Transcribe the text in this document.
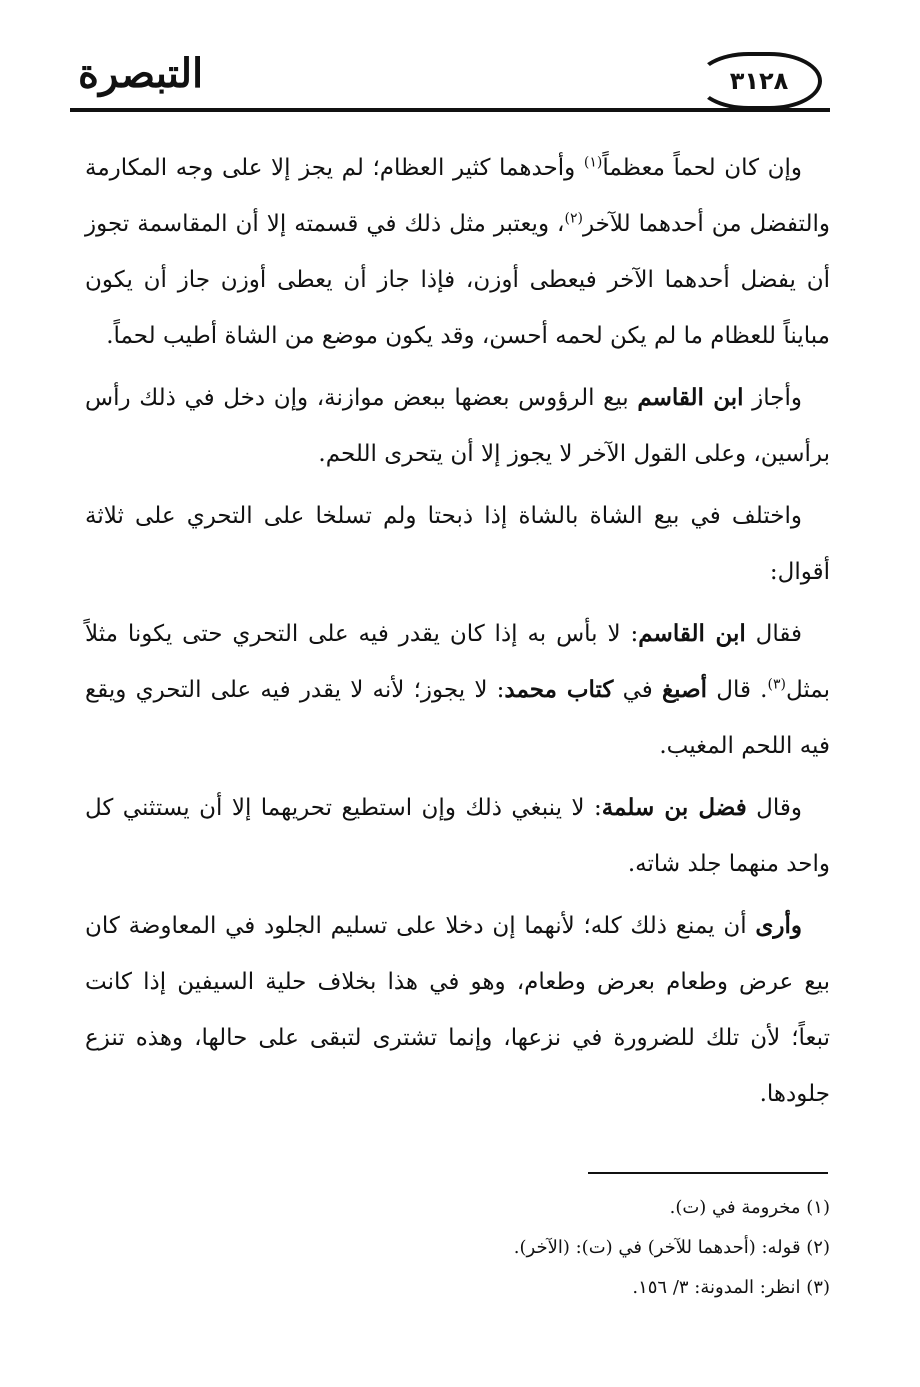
التبصرة	٣١٢٨

وإن كان لحماً معظماً$^{(١)}$ وأحدهما كثير العظام؛ لم يجز إلا على وجه المكارمة والتفضل من أحدهما للآخر$^{(٢)}$، ويعتبر مثل ذلك في قسمته إلا أن المقاسمة تجوز أن يفضل أحدهما الآخر فيعطى أوزن، فإذا جاز أن يعطى أوزن جاز أن يكون مبايناً للعظام ما لم يكن لحمه أحسن، وقد يكون موضع من الشاة أطيب لحماً.

وأجاز ابن القاسم بيع الرؤوس بعضها ببعض موازنة، وإن دخل في ذلك رأس برأسين، وعلى القول الآخر لا يجوز إلا أن يتحرى اللحم.

واختلف في بيع الشاة بالشاة إذا ذبحتا ولم تسلخا على التحري على ثلاثة أقوال:

فقال ابن القاسم: لا بأس به إذا كان يقدر فيه على التحري حتى يكونا مثلاً بمثل$^{(٣)}$. قال أصبغ في كتاب محمد: لا يجوز؛ لأنه لا يقدر فيه على التحري ويقع فيه اللحم المغيب.

وقال فضل بن سلمة: لا ينبغي ذلك وإن استطيع تحريهما إلا أن يستثني كل واحد منهما جلد شاته.

وأرى أن يمنع ذلك كله؛ لأنهما إن دخلا على تسليم الجلود في المعاوضة كان بيع عرض وطعام بعرض وطعام، وهو في هذا بخلاف حلية السيفين إذا كانت تبعاً؛ لأن تلك للضرورة في نزعها، وإنما تشترى لتبقى على حالها، وهذه تنزع جلودها.

(١) مخرومة في (ت).
(٢) قوله: (أحدهما للآخر) في (ت): (الآخر).
(٣) انظر: المدونة: ٣/ ١٥٦.
